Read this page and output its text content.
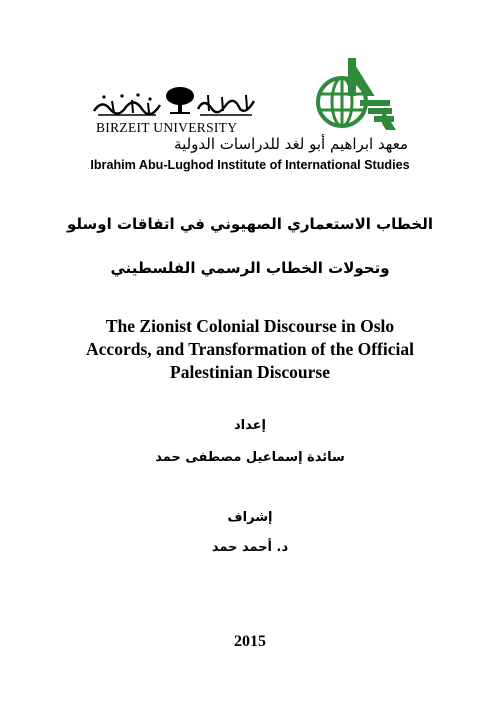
BIRZEIT UNIVERSITY
معهد ابراهيم أبو لغد للدراسات الدولية
Ibrahim Abu-Lughod Institute of International Studies
الخطاب الاستعماري الصهيوني في اتفاقات اوسلو
وتحولات الخطاب الرسمي الفلسطيني
The Zionist Colonial Discourse in Oslo
Accords, and Transformation of the Official
Palestinian Discourse
إعداد
سائدة إسماعيل مصطفى حمد
إشراف
د. أحمد حمد
2015
